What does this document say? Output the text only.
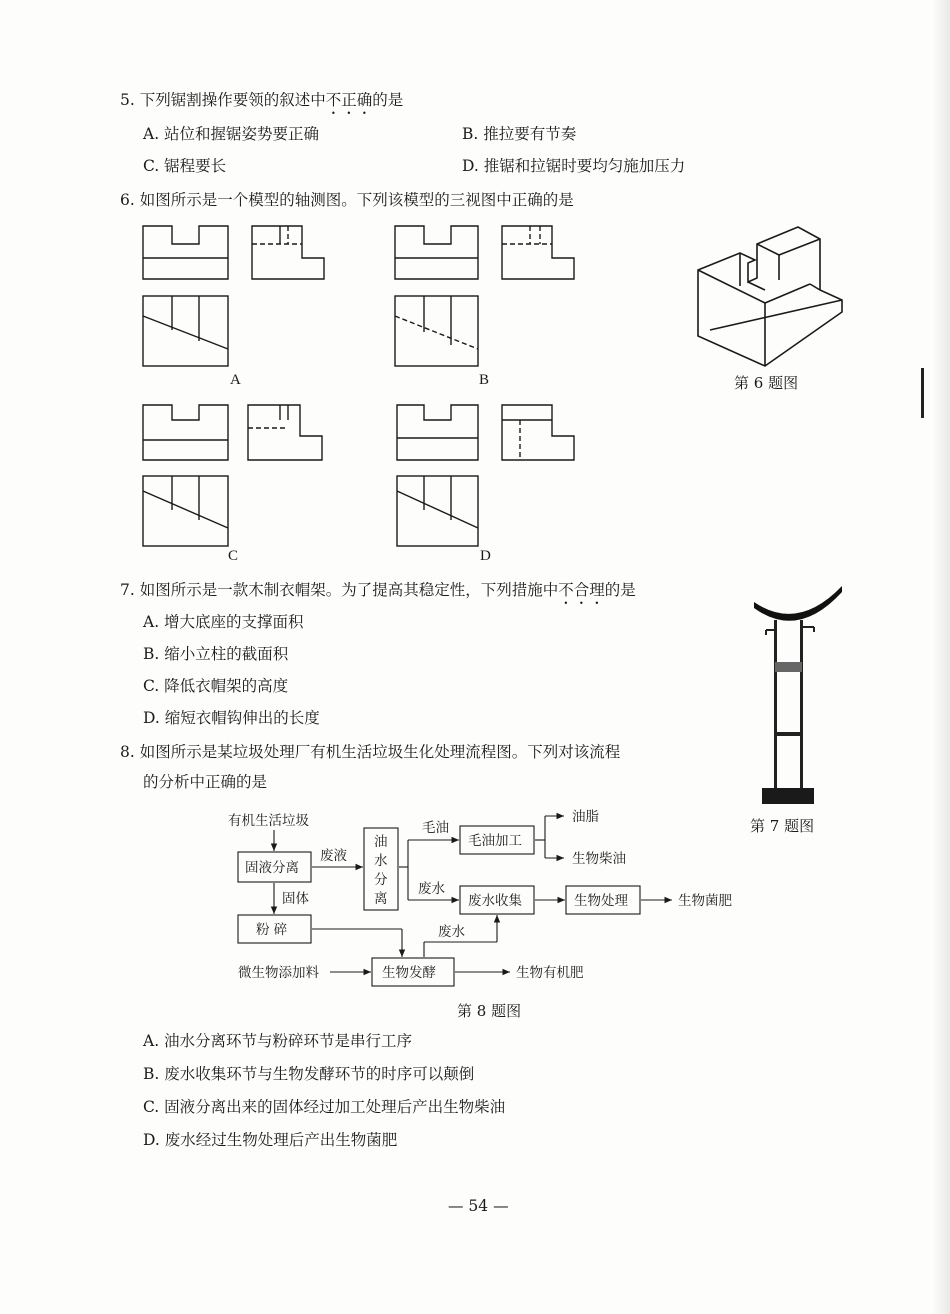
5. 下列锯割操作要领的叙述中不正确的是
A. 站位和握锯姿势要正确	B. 推拉要有节奏
C. 锯程要长	D. 推锯和拉锯时要均匀施加压力
6. 如图所示是一个模型的轴测图。下列该模型的三视图中正确的是
A	B
C	D
第 6 题图
7. 如图所示是一款木制衣帽架。为了提高其稳定性，下列措施中不合理的是
A. 增大底座的支撑面积
B. 缩小立柱的截面积
C. 降低衣帽架的高度
D. 缩短衣帽钩伸出的长度
第 7 题图
8. 如图所示是某垃圾处理厂有机生活垃圾生化处理流程图。下列对该流程
的分析中正确的是
有机生活垃圾
固液分离
废液
固体
毛油
毛油加工
油脂
生物柴油
废水
废水收集	生物处理	生物菌肥
粉 碎	废水
微生物添加料	生物发酵	生物有机肥
油
水
分
离
第 8 题图
A. 油水分离环节与粉碎环节是串行工序
B. 废水收集环节与生物发酵环节的时序可以颠倒
C. 固液分离出来的固体经过加工处理后产出生物柴油
D. 废水经过生物处理后产出生物菌肥
— 54 —
